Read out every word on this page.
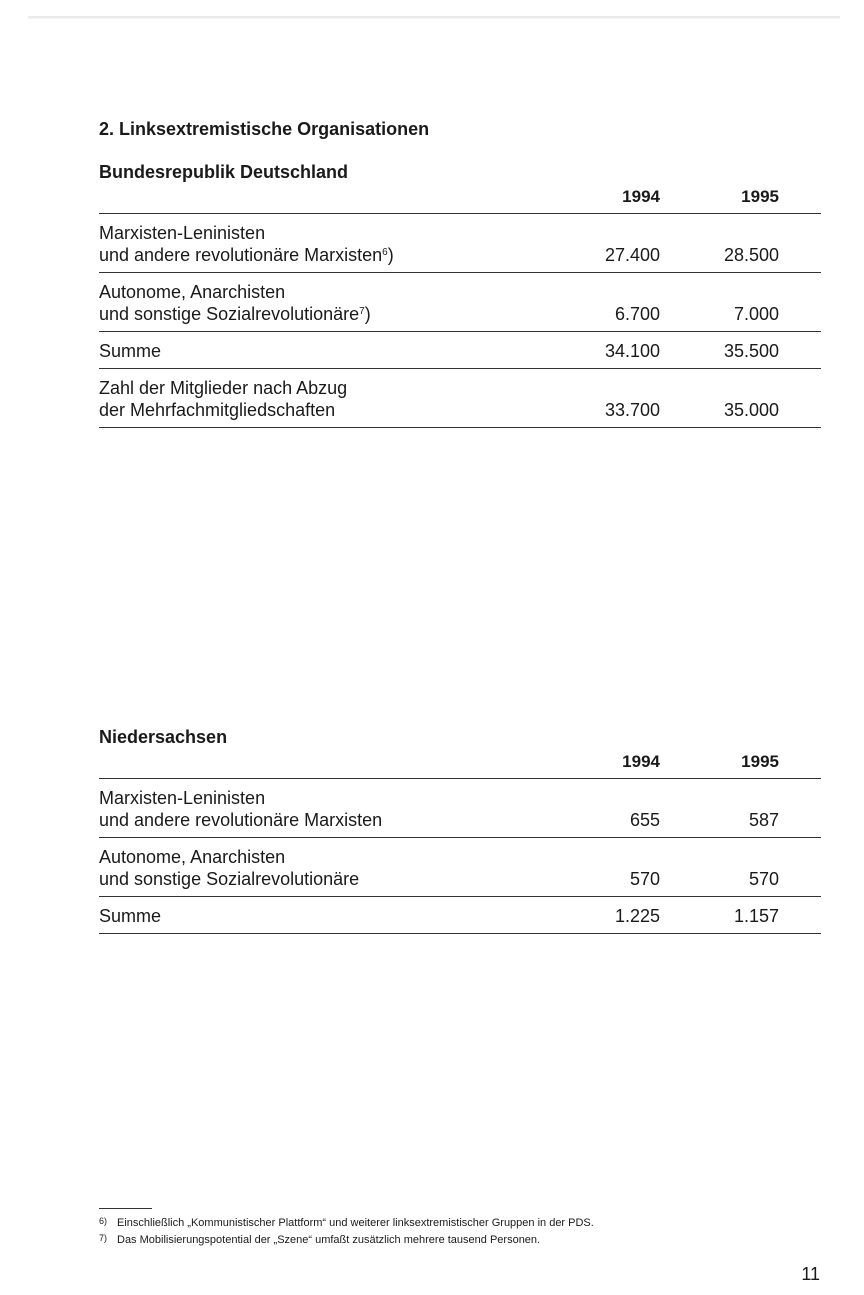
2. Linksextremistische Organisationen
Bundesrepublik Deutschland
1994	1995
Marxisten-Leninisten
und andere revolutionäre Marxisten$^6$)	27.400	28.500
Autonome, Anarchisten
und sonstige Sozialrevolutionäre$^7$)	6.700	7.000
Summe	34.100	35.500
Zahl der Mitglieder nach Abzug
der Mehrfachmitgliedschaften	33.700	35.000
Niedersachsen
1994	1995
Marxisten-Leninisten
und andere revolutionäre Marxisten	655	587
Autonome, Anarchisten
und sonstige Sozialrevolutionäre	570	570
Summe	1.225	1.157
6) Einschließlich „Kommunistischer Plattform“ und weiterer linksextremistischer Gruppen in der PDS.
7) Das Mobilisierungspotential der „Szene“ umfaßt zusätzlich mehrere tausend Personen.
11
